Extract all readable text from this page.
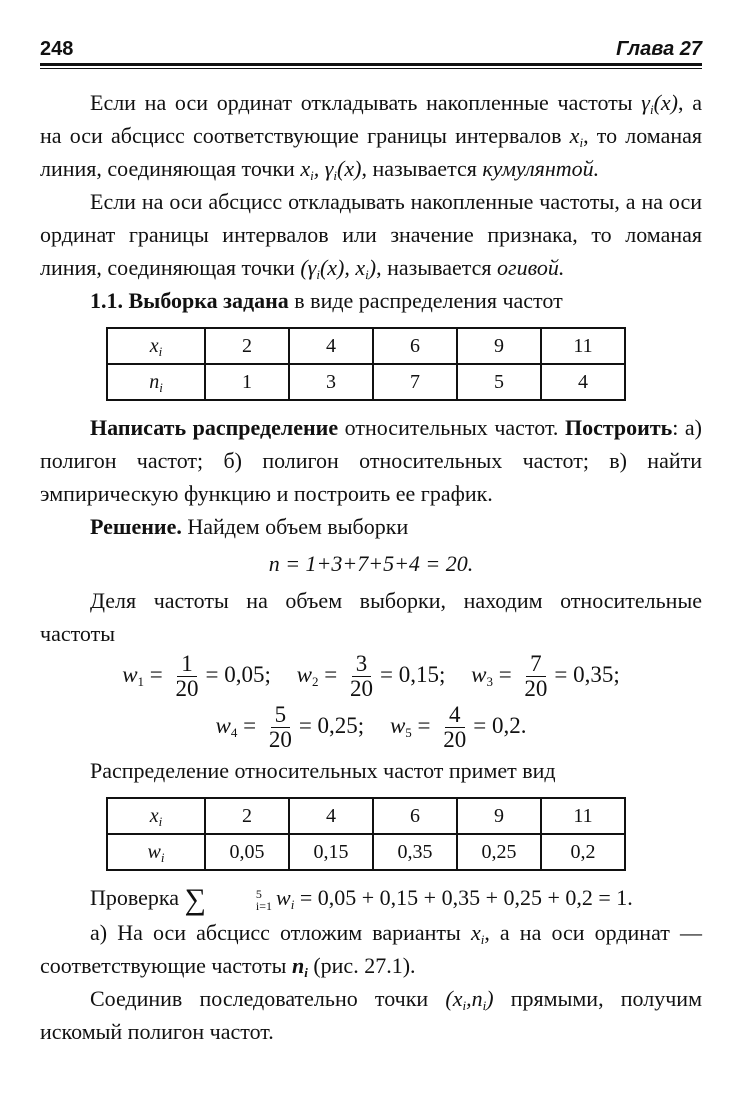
248	Глава 27

Если на оси ординат откладывать накопленные частоты $\gamma_i(x)$, а на оси абсцисс соответствующие границы интервалов $x_i$, то ломаная линия, соединяющая точки $x_i$, $\gamma_i(x)$, называется кумулянтой.

Если на оси абсцисс откладывать накопленные частоты, а на оси ординат границы интервалов или значение признака, то ломаная линия, соединяющая точки ($\gamma_i(x)$, $x_i$), называется огивой.

1.1. Выборка задана в виде распределения частот

$x_i$	2	4	6	9	11
$n_i$	1	3	7	5	4

Написать распределение относительных частот. Построить: а) полигон частот; б) полигон относительных частот; в) найти эмпирическую функцию и построить ее график.

Решение. Найдем объем выборки

n = 1+3+7+5+4 = 20.

Деля частоты на объем выборки, находим относительные частоты

$w_1 = \frac{1}{20} = 0,05$; $w_2 = \frac{3}{20} = 0,15$; $w_3 = \frac{7}{20} = 0,35$;
$w_4 = \frac{5}{20} = 0,25$; $w_5 = \frac{4}{20} = 0,2$.

Распределение относительных частот примет вид

$x_i$	2	4	6	9	11
$w_i$	0,05	0,15	0,35	0,25	0,2

Проверка ∑	5
i=1 $w_i = 0,05 + 0,15 + 0,35 + 0,25 + 0,2 = 1$.

а) На оси абсцисс отложим варианты $x_i$, а на оси ординат — соответствующие частоты $n_i$ (рис. 27.1).

Соединив последовательно точки $(x_i,n_i)$ прямыми, получим искомый полигон частот.
